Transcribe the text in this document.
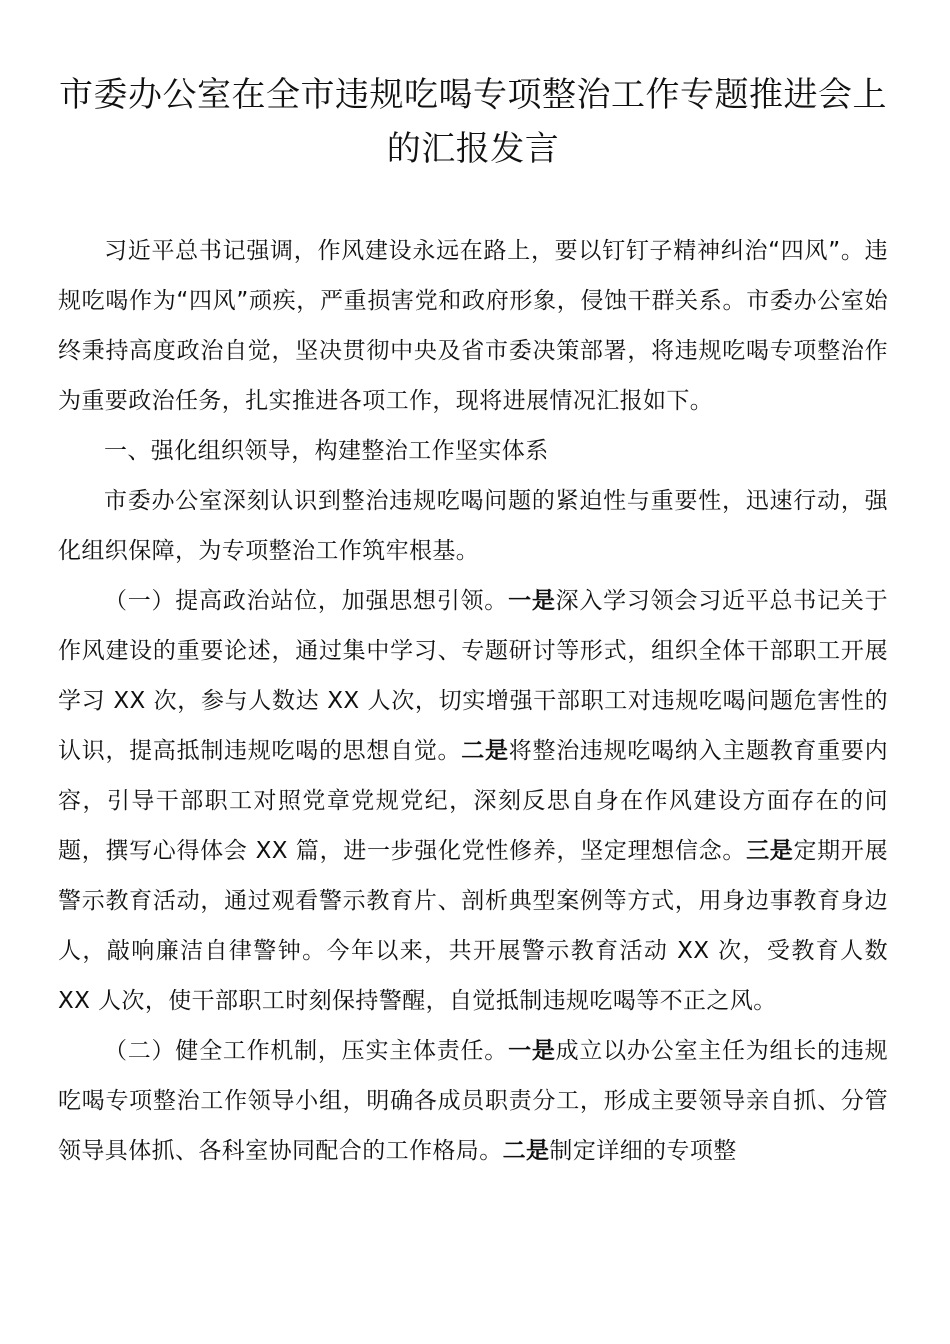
市委办公室在全市违规吃喝专项整治工作专题推进会上的汇报发言

习近平总书记强调，作风建设永远在路上，要以钉钉子精神纠治“四风”。违规吃喝作为“四风”顽疾，严重损害党和政府形象，侵蚀干群关系。市委办公室始终秉持高度政治自觉，坚决贯彻中央及省市委决策部署，将违规吃喝专项整治作为重要政治任务，扎实推进各项工作，现将进展情况汇报如下。

一、强化组织领导，构建整治工作坚实体系

市委办公室深刻认识到整治违规吃喝问题的紧迫性与重要性，迅速行动，强化组织保障，为专项整治工作筑牢根基。

（一）提高政治站位，加强思想引领。一是深入学习领会习近平总书记关于作风建设的重要论述，通过集中学习、专题研讨等形式，组织全体干部职工开展学习 XX 次，参与人数达 XX 人次，切实增强干部职工对违规吃喝问题危害性的认识，提高抵制违规吃喝的思想自觉。二是将整治违规吃喝纳入主题教育重要内容，引导干部职工对照党章党规党纪，深刻反思自身在作风建设方面存在的问题，撰写心得体会 XX 篇，进一步强化党性修养，坚定理想信念。三是定期开展警示教育活动，通过观看警示教育片、剖析典型案例等方式，用身边事教育身边人，敲响廉洁自律警钟。今年以来，共开展警示教育活动 XX 次，受教育人数 XX 人次，使干部职工时刻保持警醒，自觉抵制违规吃喝等不正之风。

（二）健全工作机制，压实主体责任。一是成立以办公室主任为组长的违规吃喝专项整治工作领导小组，明确各成员职责分工，形成主要领导亲自抓、分管领导具体抓、各科室协同配合的工作格局。二是制定详细的专项整
